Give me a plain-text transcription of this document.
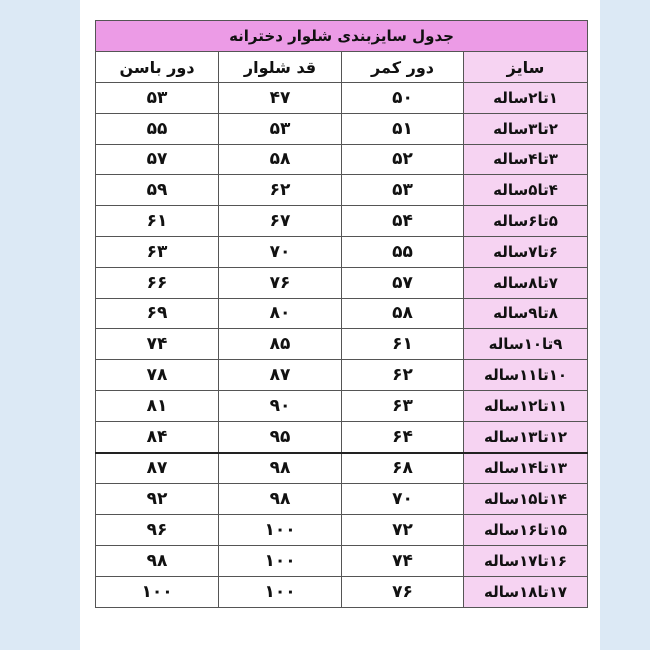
جدول سایزبندی شلوار دخترانه			
سایز	دور کمر	قد شلوار	دور باسن
۱تا۲ساله	۵۰	۴۷	۵۳
۲تا۳ساله	۵۱	۵۳	۵۵
۳تا۴ساله	۵۲	۵۸	۵۷
۴تا۵ساله	۵۳	۶۲	۵۹
۵تا۶ساله	۵۴	۶۷	۶۱
۶تا۷ساله	۵۵	۷۰	۶۳
۷تا۸ساله	۵۷	۷۶	۶۶
۸تا۹ساله	۵۸	۸۰	۶۹
۹تا۱۰ساله	۶۱	۸۵	۷۴
۱۰تا۱۱ساله	۶۲	۸۷	۷۸
۱۱تا۱۲ساله	۶۳	۹۰	۸۱
۱۲تا۱۳ساله	۶۴	۹۵	۸۴
۱۳تا۱۴ساله	۶۸	۹۸	۸۷
۱۴تا۱۵ساله	۷۰	۹۸	۹۲
۱۵تا۱۶ساله	۷۲	۱۰۰	۹۶
۱۶تا۱۷ساله	۷۴	۱۰۰	۹۸
۱۷تا۱۸ساله	۷۶	۱۰۰	۱۰۰
